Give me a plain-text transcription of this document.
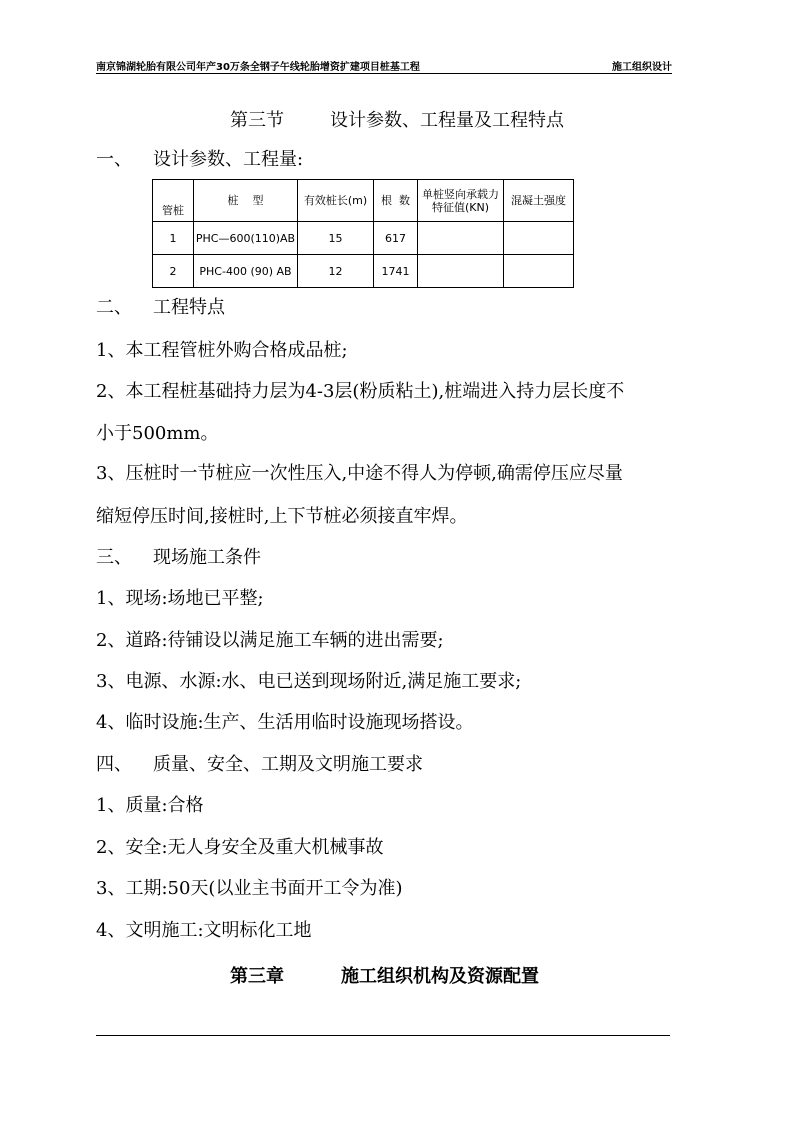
南京锦湖轮胎有限公司年产30万条全钢子午线轮胎增资扩建项目桩基工程	施工组织设计
第三节	设计参数、工程量及工程特点
一、 设计参数、工程量:
管桩	桩    型	有效桩长(m)	根  数	单桩竖向承载力特征值(KN)	混凝土强度
1	PHC—600(110)AB	15	617		
2	PHC-400 (90) AB	12	1741		
二、 工程特点
1、本工程管桩外购合格成品桩;
2、本工程桩基础持力层为4-3层(粉质粘土),桩端进入持力层长度不
小于500mm。
3、压桩时一节桩应一次性压入,中途不得人为停顿,确需停压应尽量
缩短停压时间,接桩时,上下节桩必须接直牢焊。
三、 现场施工条件
1、现场:场地已平整;
2、道路:待铺设以满足施工车辆的进出需要;
3、电源、水源:水、电已送到现场附近,满足施工要求;
4、临时设施:生产、生活用临时设施现场搭设。
四、 质量、安全、工期及文明施工要求
1、质量:合格
2、安全:无人身安全及重大机械事故
3、工期:50天(以业主书面开工令为准)
4、文明施工:文明标化工地
第三章	施工组织机构及资源配置
